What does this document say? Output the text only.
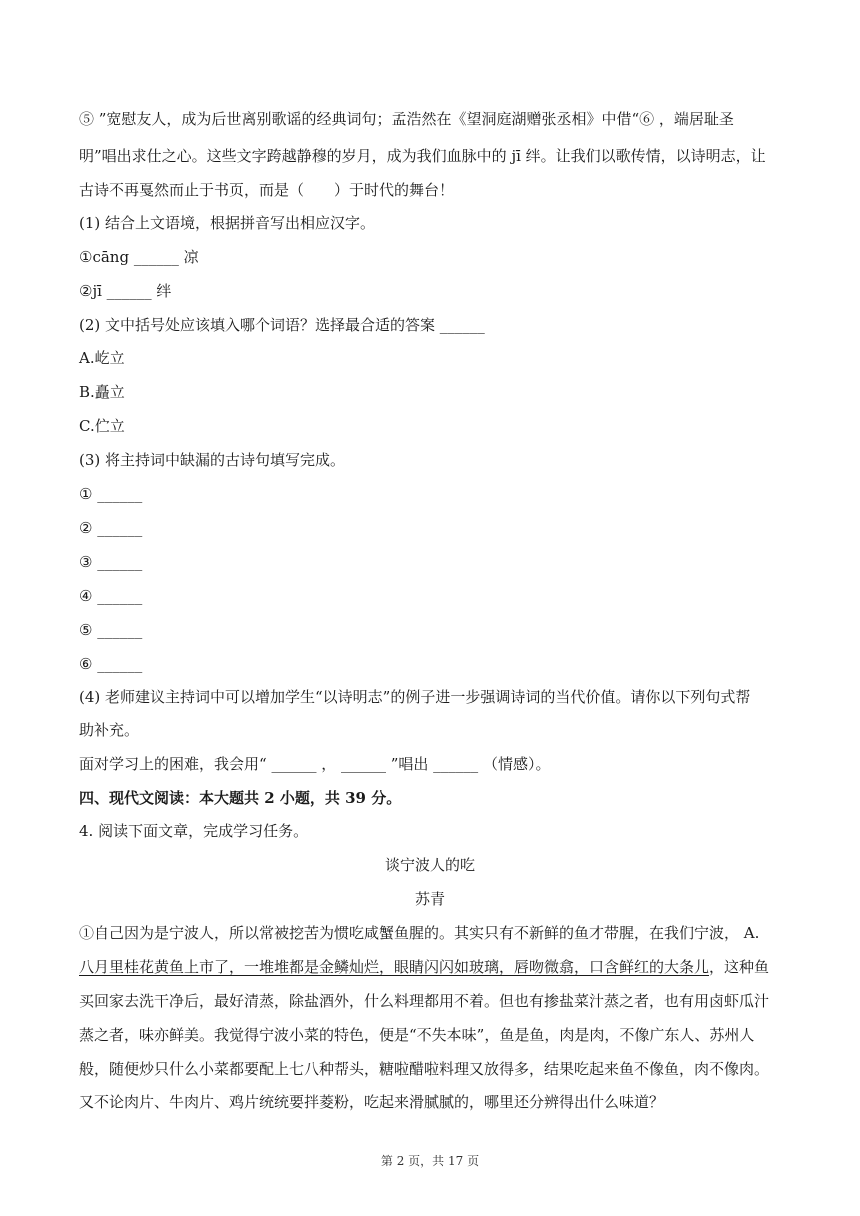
⑤ ”宽慰友人，成为后世离别歌谣的经典词句；孟浩然在《望洞庭湖赠张丞相》中借“⑥ ，端居耻圣
明”唱出求仕之心。这些文字跨越静穆的岁月，成为我们血脉中的 jī 绊。让我们以歌传情，以诗明志，让
古诗不再戛然而止于书页，而是（　　）于时代的舞台！
(1) 结合上文语境，根据拼音写出相应汉字。
①cāng ______ 凉
②jī ______ 绊
(2) 文中括号处应该填入哪个词语？选择最合适的答案 ______
A.屹立
B.矗立
C.伫立
(3) 将主持词中缺漏的古诗句填写完成。
① ______
② ______
③ ______
④ ______
⑤ ______
⑥ ______
(4) 老师建议主持词中可以增加学生“以诗明志”的例子进一步强调诗词的当代价值。请你以下列句式帮
助补充。
面对学习上的困难，我会用“ ______ ， ______ ”唱出 ______ （情感）。
四、现代文阅读：本大题共 2 小题，共 39 分。
4. 阅读下面文章，完成学习任务。
谈宁波人的吃
苏青
①自己因为是宁波人，所以常被挖苦为惯吃咸蟹鱼腥的。其实只有不新鲜的鱼才带腥，在我们宁波， A.
八月里桂花黄鱼上市了，一堆堆都是金鳞灿烂，眼睛闪闪如玻璃，唇吻微翕，口含鲜红的大条儿，这种鱼
买回家去洗干净后，最好清蒸，除盐酒外，什么料理都用不着。但也有掺盐菜汁蒸之者，也有用卤虾瓜汁
蒸之者，味亦鲜美。我觉得宁波小菜的特色，便是“不失本味”，鱼是鱼，肉是肉，不像广东人、苏州人
般，随便炒只什么小菜都要配上七八种帮头，糖啦醋啦料理又放得多，结果吃起来鱼不像鱼，肉不像肉。
又不论肉片、牛肉片、鸡片统统要拌菱粉，吃起来滑腻腻的，哪里还分辨得出什么味道？
第 2 页，共 17 页
